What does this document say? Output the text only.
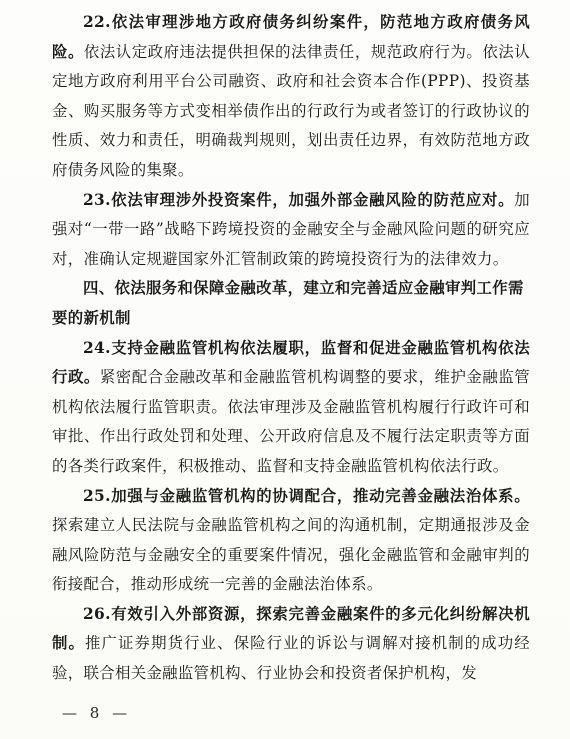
22.依法审理涉地方政府债务纠纷案件，防范地方政府债务风险。依法认定政府违法提供担保的法律责任，规范政府行为。依法认定地方政府利用平台公司融资、政府和社会资本合作(PPP)、投资基金、购买服务等方式变相举债作出的行政行为或者签订的行政协议的性质、效力和责任，明确裁判规则，划出责任边界，有效防范地方政府债务风险的集聚。

23.依法审理涉外投资案件，加强外部金融风险的防范应对。加强对“一带一路”战略下跨境投资的金融安全与金融风险问题的研究应对，准确认定规避国家外汇管制政策的跨境投资行为的法律效力。

四、依法服务和保障金融改革，建立和完善适应金融审判工作需要的新机制

24.支持金融监管机构依法履职，监督和促进金融监管机构依法行政。紧密配合金融改革和金融监管机构调整的要求，维护金融监管机构依法履行监管职责。依法审理涉及金融监管机构履行行政许可和审批、作出行政处罚和处理、公开政府信息及不履行法定职责等方面的各类行政案件，积极推动、监督和支持金融监管机构依法行政。

25.加强与金融监管机构的协调配合，推动完善金融法治体系。探索建立人民法院与金融监管机构之间的沟通机制，定期通报涉及金融风险防范与金融安全的重要案件情况，强化金融监管和金融审判的衔接配合，推动形成统一完善的金融法治体系。

26.有效引入外部资源，探索完善金融案件的多元化纠纷解决机制。推广证券期货行业、保险行业的诉讼与调解对接机制的成功经验，联合相关金融监管机构、行业协会和投资者保护机构，发

— 8 —
